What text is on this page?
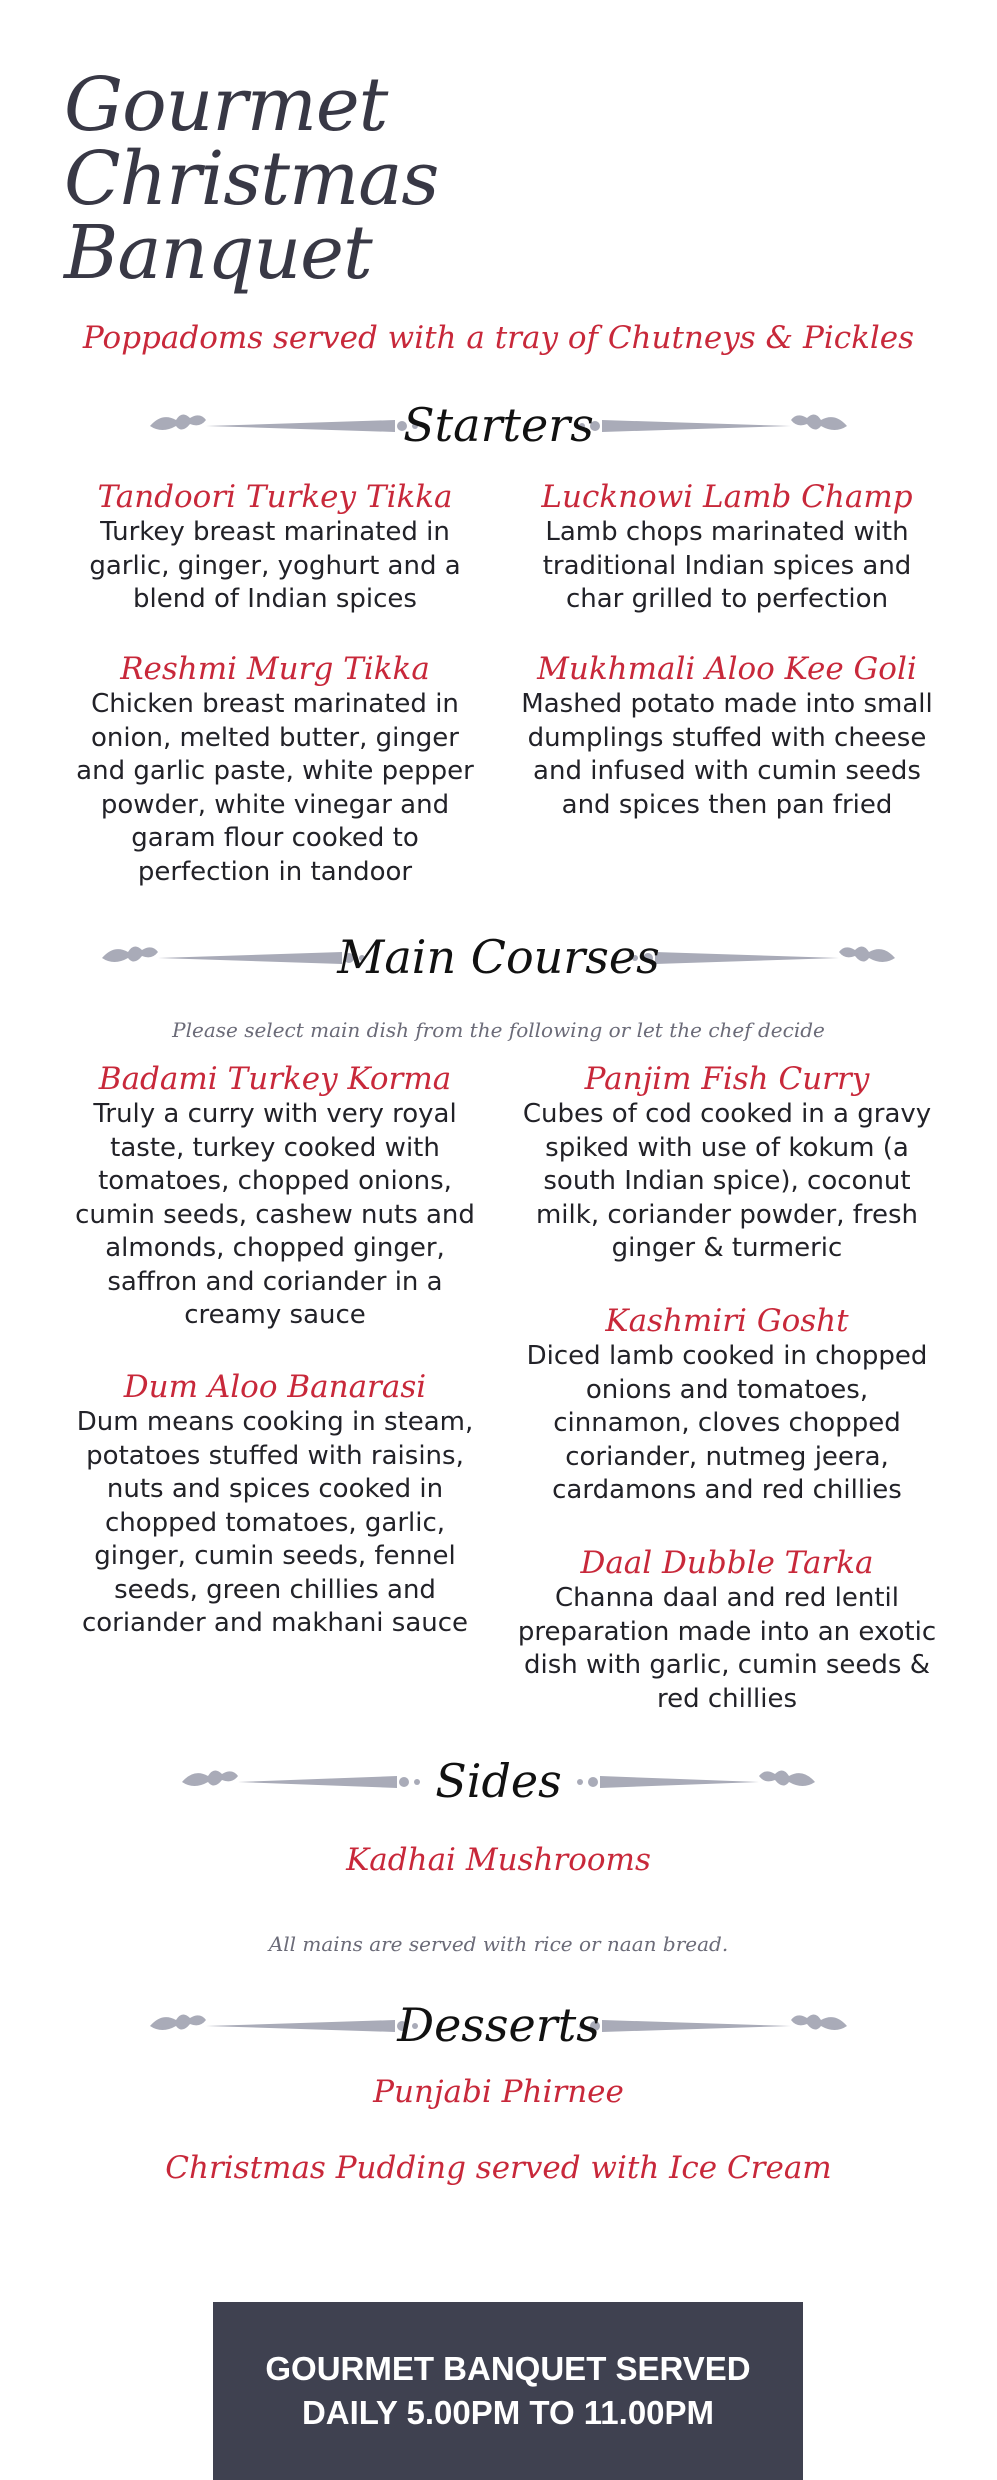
Gourmet Christmas
Banquet
Poppadoms served with a tray of Chutneys & Pickles
Starters

Tandoori Turkey Tikka

Turkey breast marinated in garlic, ginger, yoghurt and a blend of Indian spices

Reshmi Murg Tikka

Chicken breast marinated in onion, melted butter, ginger and garlic paste, white pepper powder, white vinegar and garam flour cooked to perfection in tandoor

Lucknowi Lamb Champ

Lamb chops marinated with traditional Indian spices and char grilled to perfection

Mukhmali Aloo Kee Goli

Mashed potato made into small dumplings stuffed with cheese and infused with cumin seeds and spices then pan fried

Main Courses
Please select main dish from the following or let the chef decide

Badami Turkey Korma

Truly a curry with very royal taste, turkey cooked with tomatoes, chopped onions, cumin seeds, cashew nuts and almonds, chopped ginger, saffron and coriander in a creamy sauce

Dum Aloo Banarasi

Dum means cooking in steam, potatoes stuffed with raisins, nuts and spices cooked in chopped tomatoes, garlic, ginger, cumin seeds, fennel seeds, green chillies and coriander and makhani sauce

Panjim Fish Curry

Cubes of cod cooked in a gravy spiked with use of kokum (a south Indian spice), coconut milk, coriander powder, fresh ginger & turmeric

Kashmiri Gosht

Diced lamb cooked in chopped onions and tomatoes, cinnamon, cloves chopped coriander, nutmeg jeera, cardamons and red chillies

Daal Dubble Tarka

Channa daal and red lentil preparation made into an exotic dish with garlic, cumin seeds & red chillies

Sides
Kadhai Mushrooms
All mains are served with rice or naan bread.
Desserts
Punjabi Phirnee
Christmas Pudding served with Ice Cream
GOURMET BANQUET SERVED
DAILY 5.00PM TO 11.00PM
